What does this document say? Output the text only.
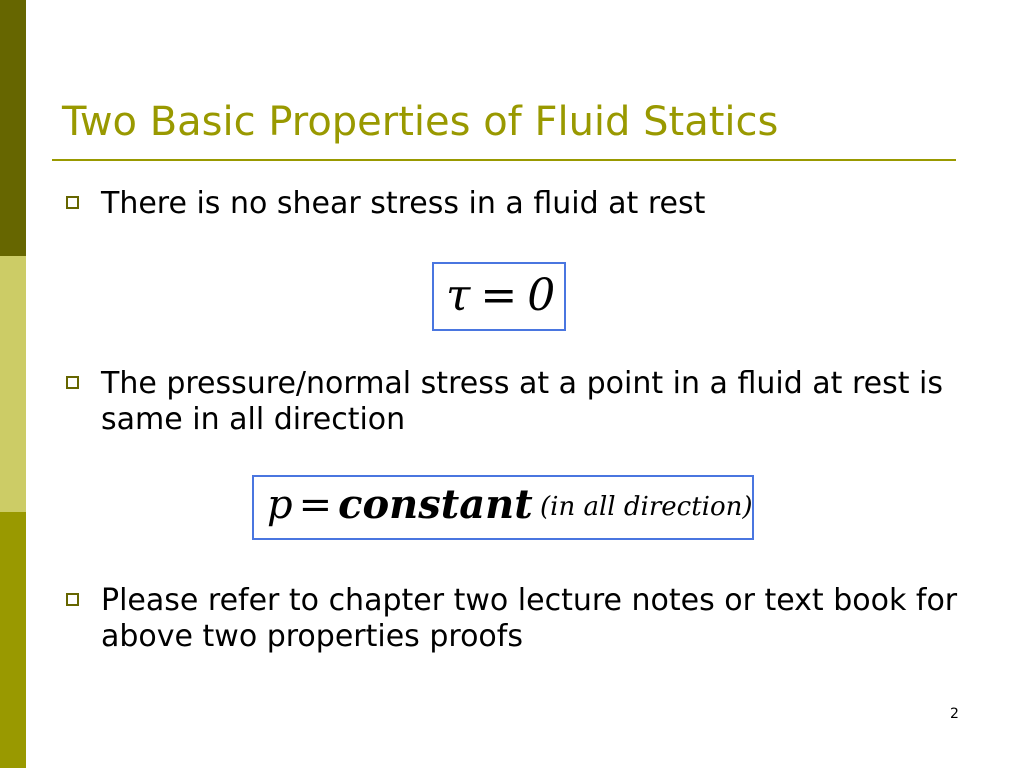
Two Basic Properties of Fluid Statics
There is no shear stress in a fluid at rest
τ = 0
The pressure/normal stress at a point in a fluid at rest is same in all direction
p = constant (in all direction)
Please refer to chapter two lecture notes or text book for above two properties proofs
2
